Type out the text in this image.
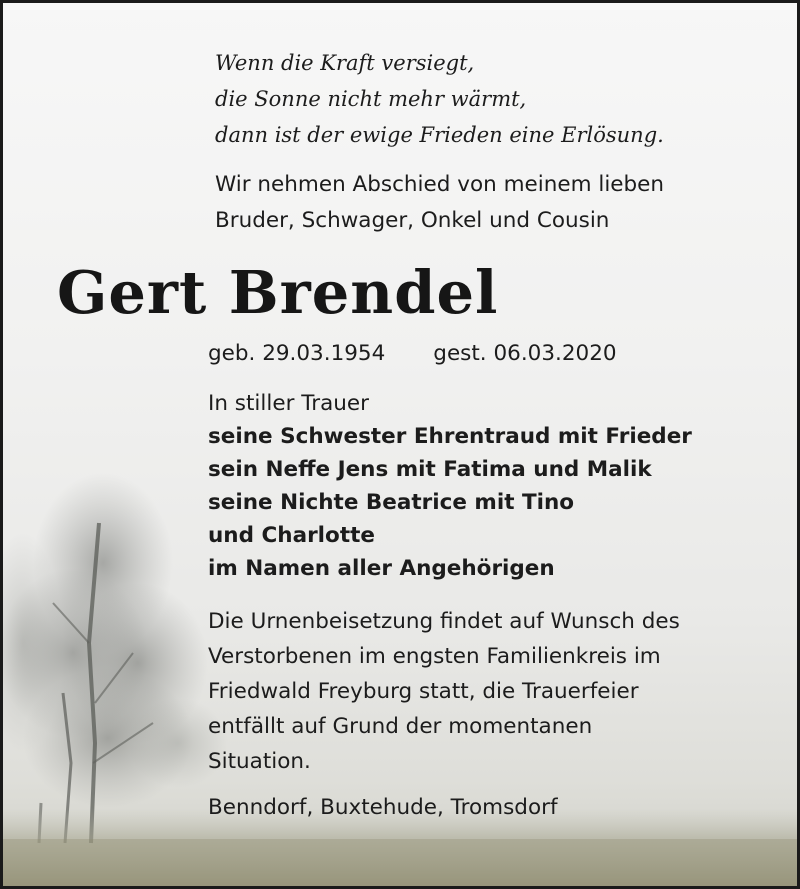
Wenn die Kraft versiegt,
die Sonne nicht mehr wärmt,
dann ist der ewige Frieden eine Erlösung.

Wir nehmen Abschied von meinem lieben
Bruder, Schwager, Onkel und Cousin

Gert Brendel

geb. 29.03.1954 gest. 06.03.2020

In stiller Trauer

seine Schwester Ehrentraud mit Frieder
sein Neffe Jens mit Fatima und Malik
seine Nichte Beatrice mit Tino
und Charlotte
im Namen aller Angehörigen

Die Urnenbeisetzung findet auf Wunsch des
Verstorbenen im engsten Familienkreis im
Friedwald Freyburg statt, die Trauerfeier
entfällt auf Grund der momentanen
Situation.

Benndorf, Buxtehude, Tromsdorf
